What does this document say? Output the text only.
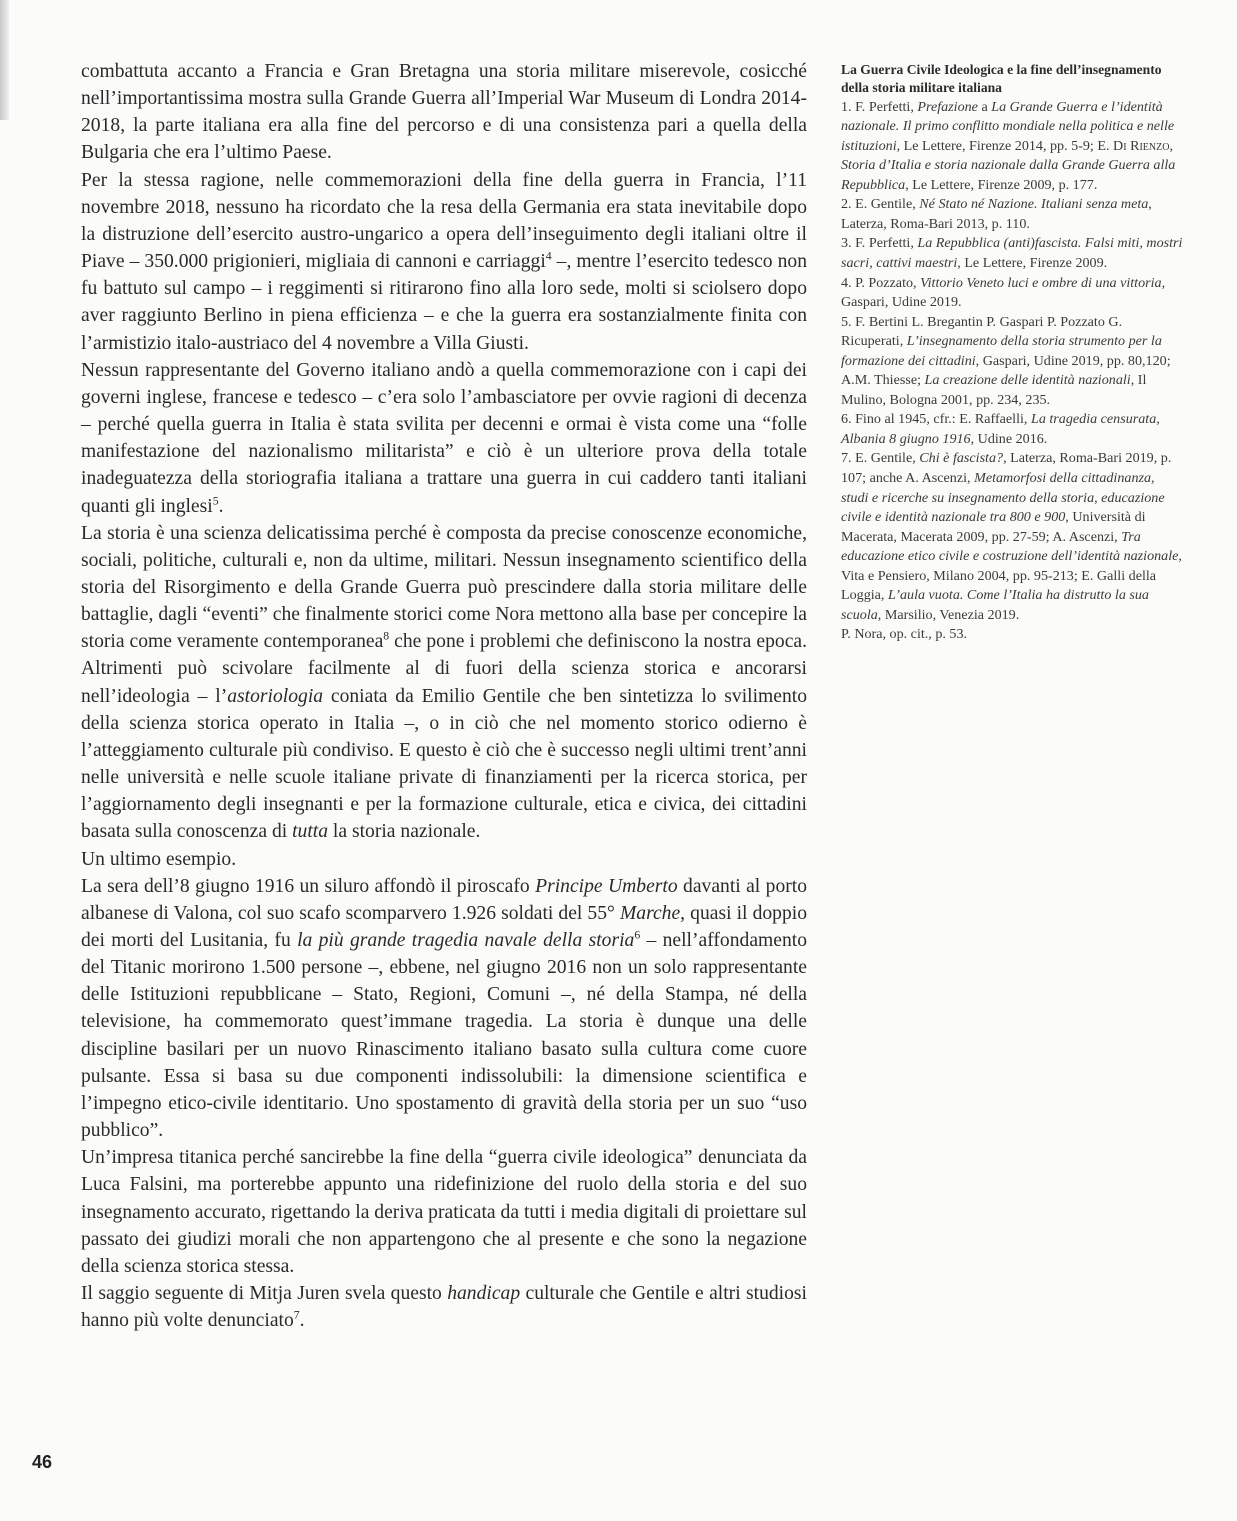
combattuta accanto a Francia e Gran Bretagna una storia militare miserevole, cosicché nell’importantissima mostra sulla Grande Guerra all’Imperial War Museum di Londra 2014-2018, la parte italiana era alla fine del percorso e di una consistenza pari a quella della Bulgaria che era l’ultimo Paese.

Per la stessa ragione, nelle commemorazioni della fine della guerra in Francia, l’11 novembre 2018, nessuno ha ricordato che la resa della Germania era stata inevitabile dopo la distruzione dell’esercito austro-ungarico a opera dell’inseguimento degli italiani oltre il Piave – 350.000 prigionieri, migliaia di cannoni e carriaggi$^4$ –, mentre l’esercito tedesco non fu battuto sul campo – i reggimenti si ritirarono fino alla loro sede, molti si sciolsero dopo aver raggiunto Berlino in piena efficienza – e che la guerra era sostanzialmente finita con l’armistizio italo-austriaco del 4 novembre a Villa Giusti.

Nessun rappresentante del Governo italiano andò a quella commemorazione con i capi dei governi inglese, francese e tedesco – c’era solo l’ambasciatore per ovvie ragioni di decenza – perché quella guerra in Italia è stata svilita per decenni e ormai è vista come una “folle manifestazione del nazionalismo militarista” e ciò è un ulteriore prova della totale inadeguatezza della storiografia italiana a trattare una guerra in cui caddero tanti italiani quanti gli inglesi$^5$.

La storia è una scienza delicatissima perché è composta da precise conoscenze economiche, sociali, politiche, culturali e, non da ultime, militari. Nessun insegnamento scientifico della storia del Risorgimento e della Grande Guerra può prescindere dalla storia militare delle battaglie, dagli “eventi” che finalmente storici come Nora mettono alla base per concepire la storia come veramente contemporanea$^8$ che pone i problemi che definiscono la nostra epoca. Altrimenti può scivolare facilmente al di fuori della scienza storica e ancorarsi nell’ideologia – l’astoriologia coniata da Emilio Gentile che ben sintetizza lo svilimento della scienza storica operato in Italia –, o in ciò che nel momento storico odierno è l’atteggiamento culturale più condiviso. E questo è ciò che è successo negli ultimi trent’anni nelle università e nelle scuole italiane private di finanziamenti per la ricerca storica, per l’aggiornamento degli insegnanti e per la formazione culturale, etica e civica, dei cittadini basata sulla conoscenza di tutta la storia nazionale.

Un ultimo esempio.

La sera dell’8 giugno 1916 un siluro affondò il piroscafo Principe Umberto davanti al porto albanese di Valona, col suo scafo scomparvero 1.926 soldati del 55° Marche, quasi il doppio dei morti del Lusitania, fu la più grande tragedia navale della storia$^6$ – nell’affondamento del Titanic morirono 1.500 persone –, ebbene, nel giugno 2016 non un solo rappresentante delle Istituzioni repubblicane – Stato, Regioni, Comuni –, né della Stampa, né della televisione, ha commemorato quest’immane tragedia. La storia è dunque una delle discipline basilari per un nuovo Rinascimento italiano basato sulla cultura come cuore pulsante. Essa si basa su due componenti indissolubili: la dimensione scientifica e l’impegno etico-civile identitario. Uno spostamento di gravità della storia per un suo “uso pubblico”.

Un’impresa titanica perché sancirebbe la fine della “guerra civile ideologica” denunciata da Luca Falsini, ma porterebbe appunto una ridefinizione del ruolo della storia e del suo insegnamento accurato, rigettando la deriva praticata da tutti i media digitali di proiettare sul passato dei giudizi morali che non appartengono che al presente e che sono la negazione della scienza storica stessa.

Il saggio seguente di Mitja Juren svela questo handicap culturale che Gentile e altri studiosi hanno più volte denunciato$^7$.

La Guerra Civile Ideologica e la fine dell’insegnamento della storia militare italiana
1. F. Perfetti, Prefazione a La Grande Guerra e l’identità nazionale. Il primo conflitto mondiale nella politica e nelle istituzioni, Le Lettere, Firenze 2014, pp. 5-9; E. Di Rienzo, Storia d’Italia e storia nazionale dalla Grande Guerra alla Repubblica, Le Lettere, Firenze 2009, p. 177.
2. E. Gentile, Né Stato né Nazione. Italiani senza meta, Laterza, Roma-Bari 2013, p. 110.
3. F. Perfetti, La Repubblica (anti)fascista. Falsi miti, mostri sacri, cattivi maestri, Le Lettere, Firenze 2009.
4. P. Pozzato, Vittorio Veneto luci e ombre di una vittoria, Gaspari, Udine 2019.
5. F. Bertini L. Bregantin P. Gaspari P. Pozzato G. Ricuperati, L’insegnamento della storia strumento per la formazione dei cittadini, Gaspari, Udine 2019, pp. 80,120; A.M. Thiesse; La creazione delle identità nazionali, Il Mulino, Bologna 2001, pp. 234, 235.
6. Fino al 1945, cfr.: E. Raffaelli, La tragedia censurata, Albania 8 giugno 1916, Udine 2016.
7. E. Gentile, Chi è fascista?, Laterza, Roma-Bari 2019, p. 107; anche A. Ascenzi, Metamorfosi della cittadinanza, studi e ricerche su insegnamento della storia, educazione civile e identità nazionale tra 800 e 900, Università di Macerata, Macerata 2009, pp. 27-59; A. Ascenzi, Tra educazione etico civile e costruzione dell’identità nazionale, Vita e Pensiero, Milano 2004, pp. 95-213; E. Galli della Loggia, L’aula vuota. Come l’Italia ha distrutto la sua scuola, Marsilio, Venezia 2019.
P. Nora, op. cit., p. 53.
46
